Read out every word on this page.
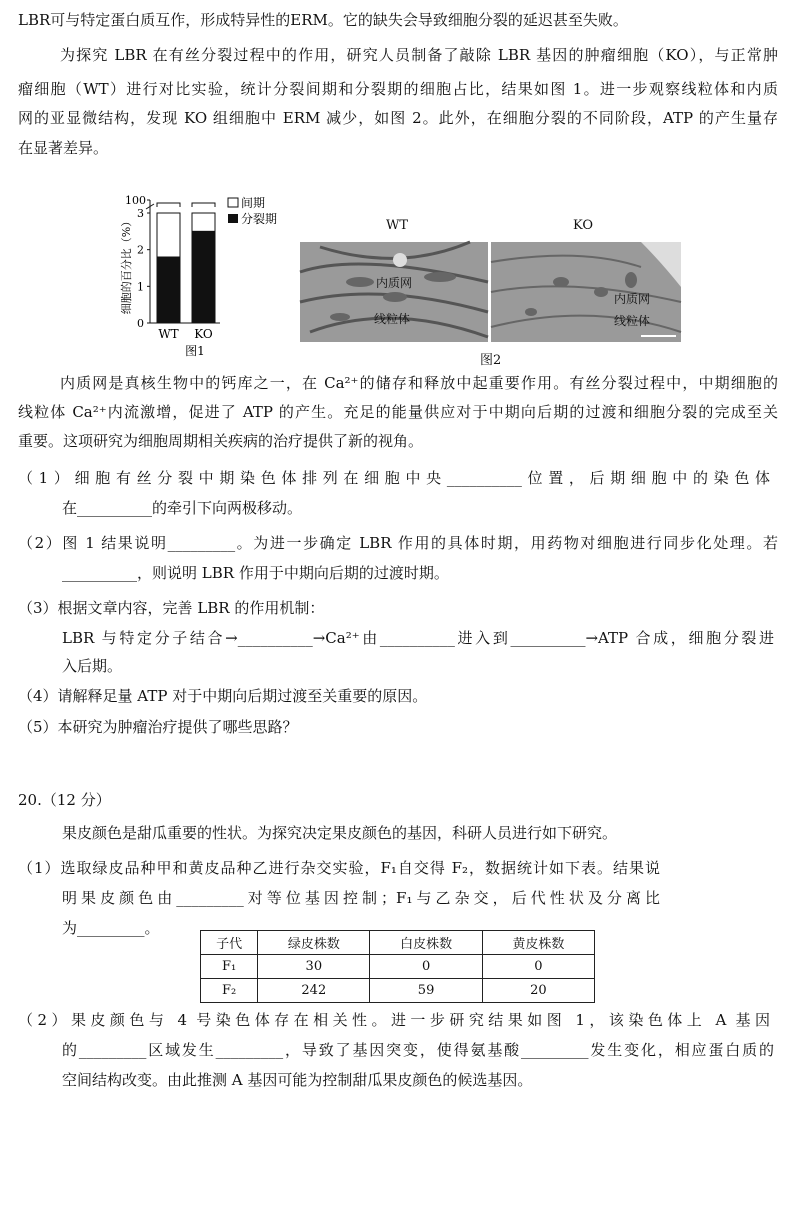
LBR可与特定蛋白质互作，形成特异性的ERM。它的缺失会导致细胞分裂的延迟甚至失败。
为探究 LBR 在有丝分裂过程中的作用，研究人员制备了敲除 LBR 基因的肿瘤细胞（KO），与正常肿
瘤细胞（WT）进行对比实验，统计分裂间期和分裂期的细胞占比，结果如图 1。进一步观察线粒体和内质
网的亚显微结构，发现 KO 组细胞中 ERM 减少，如图 2。此外，在细胞分裂的不同阶段，ATP 的产生量存
在显著差异。
0
1
2
3
100
细胞的百分比（%）
WT KO
图1
间期
分裂期	WT	KO
内质网
线粒体
内质网
线粒体
图2
内质网是真核生物中的钙库之一，在 Ca²⁺的储存和释放中起重要作用。有丝分裂过程中，中期细胞的
线粒体 Ca²⁺内流激增，促进了 ATP 的产生。充足的能量供应对于中期向后期的过渡和细胞分裂的完成至关
重要。这项研究为细胞周期相关疾病的治疗提供了新的视角。
（1）细胞有丝分裂中期染色体排列在细胞中央__________位置，后期细胞中的染色体
在__________的牵引下向两极移动。
（2）图 1 结果说明_________。为进一步确定 LBR 作用的具体时期，用药物对细胞进行同步化处理。若
__________，则说明 LBR 作用于中期向后期的过渡时期。
（3）根据文章内容，完善 LBR 的作用机制：
LBR 与特定分子结合→__________→Ca²⁺由__________进入到__________→ATP 合成，细胞分裂进
入后期。
（4）请解释足量 ATP 对于中期向后期过渡至关重要的原因。
（5）本研究为肿瘤治疗提供了哪些思路？
20.（12 分）
果皮颜色是甜瓜重要的性状。为探究决定果皮颜色的基因，科研人员进行如下研究。
（1）选取绿皮品种甲和黄皮品种乙进行杂交实验，F₁自交得 F₂，数据统计如下表。结果说
明果皮颜色由_________对等位基因控制；F₁与乙杂交，后代性状及分离比
为_________。
子代	绿皮株数	白皮株数	黄皮株数
F₁	30	0	0
F₂	242	59	20
（2）果皮颜色与 4 号染色体存在相关性。进一步研究结果如图 1，该染色体上 A 基因
的_________区域发生_________，导致了基因突变，使得氨基酸_________发生变化，相应蛋白质的
空间结构改变。由此推测 A 基因可能为控制甜瓜果皮颜色的候选基因。
